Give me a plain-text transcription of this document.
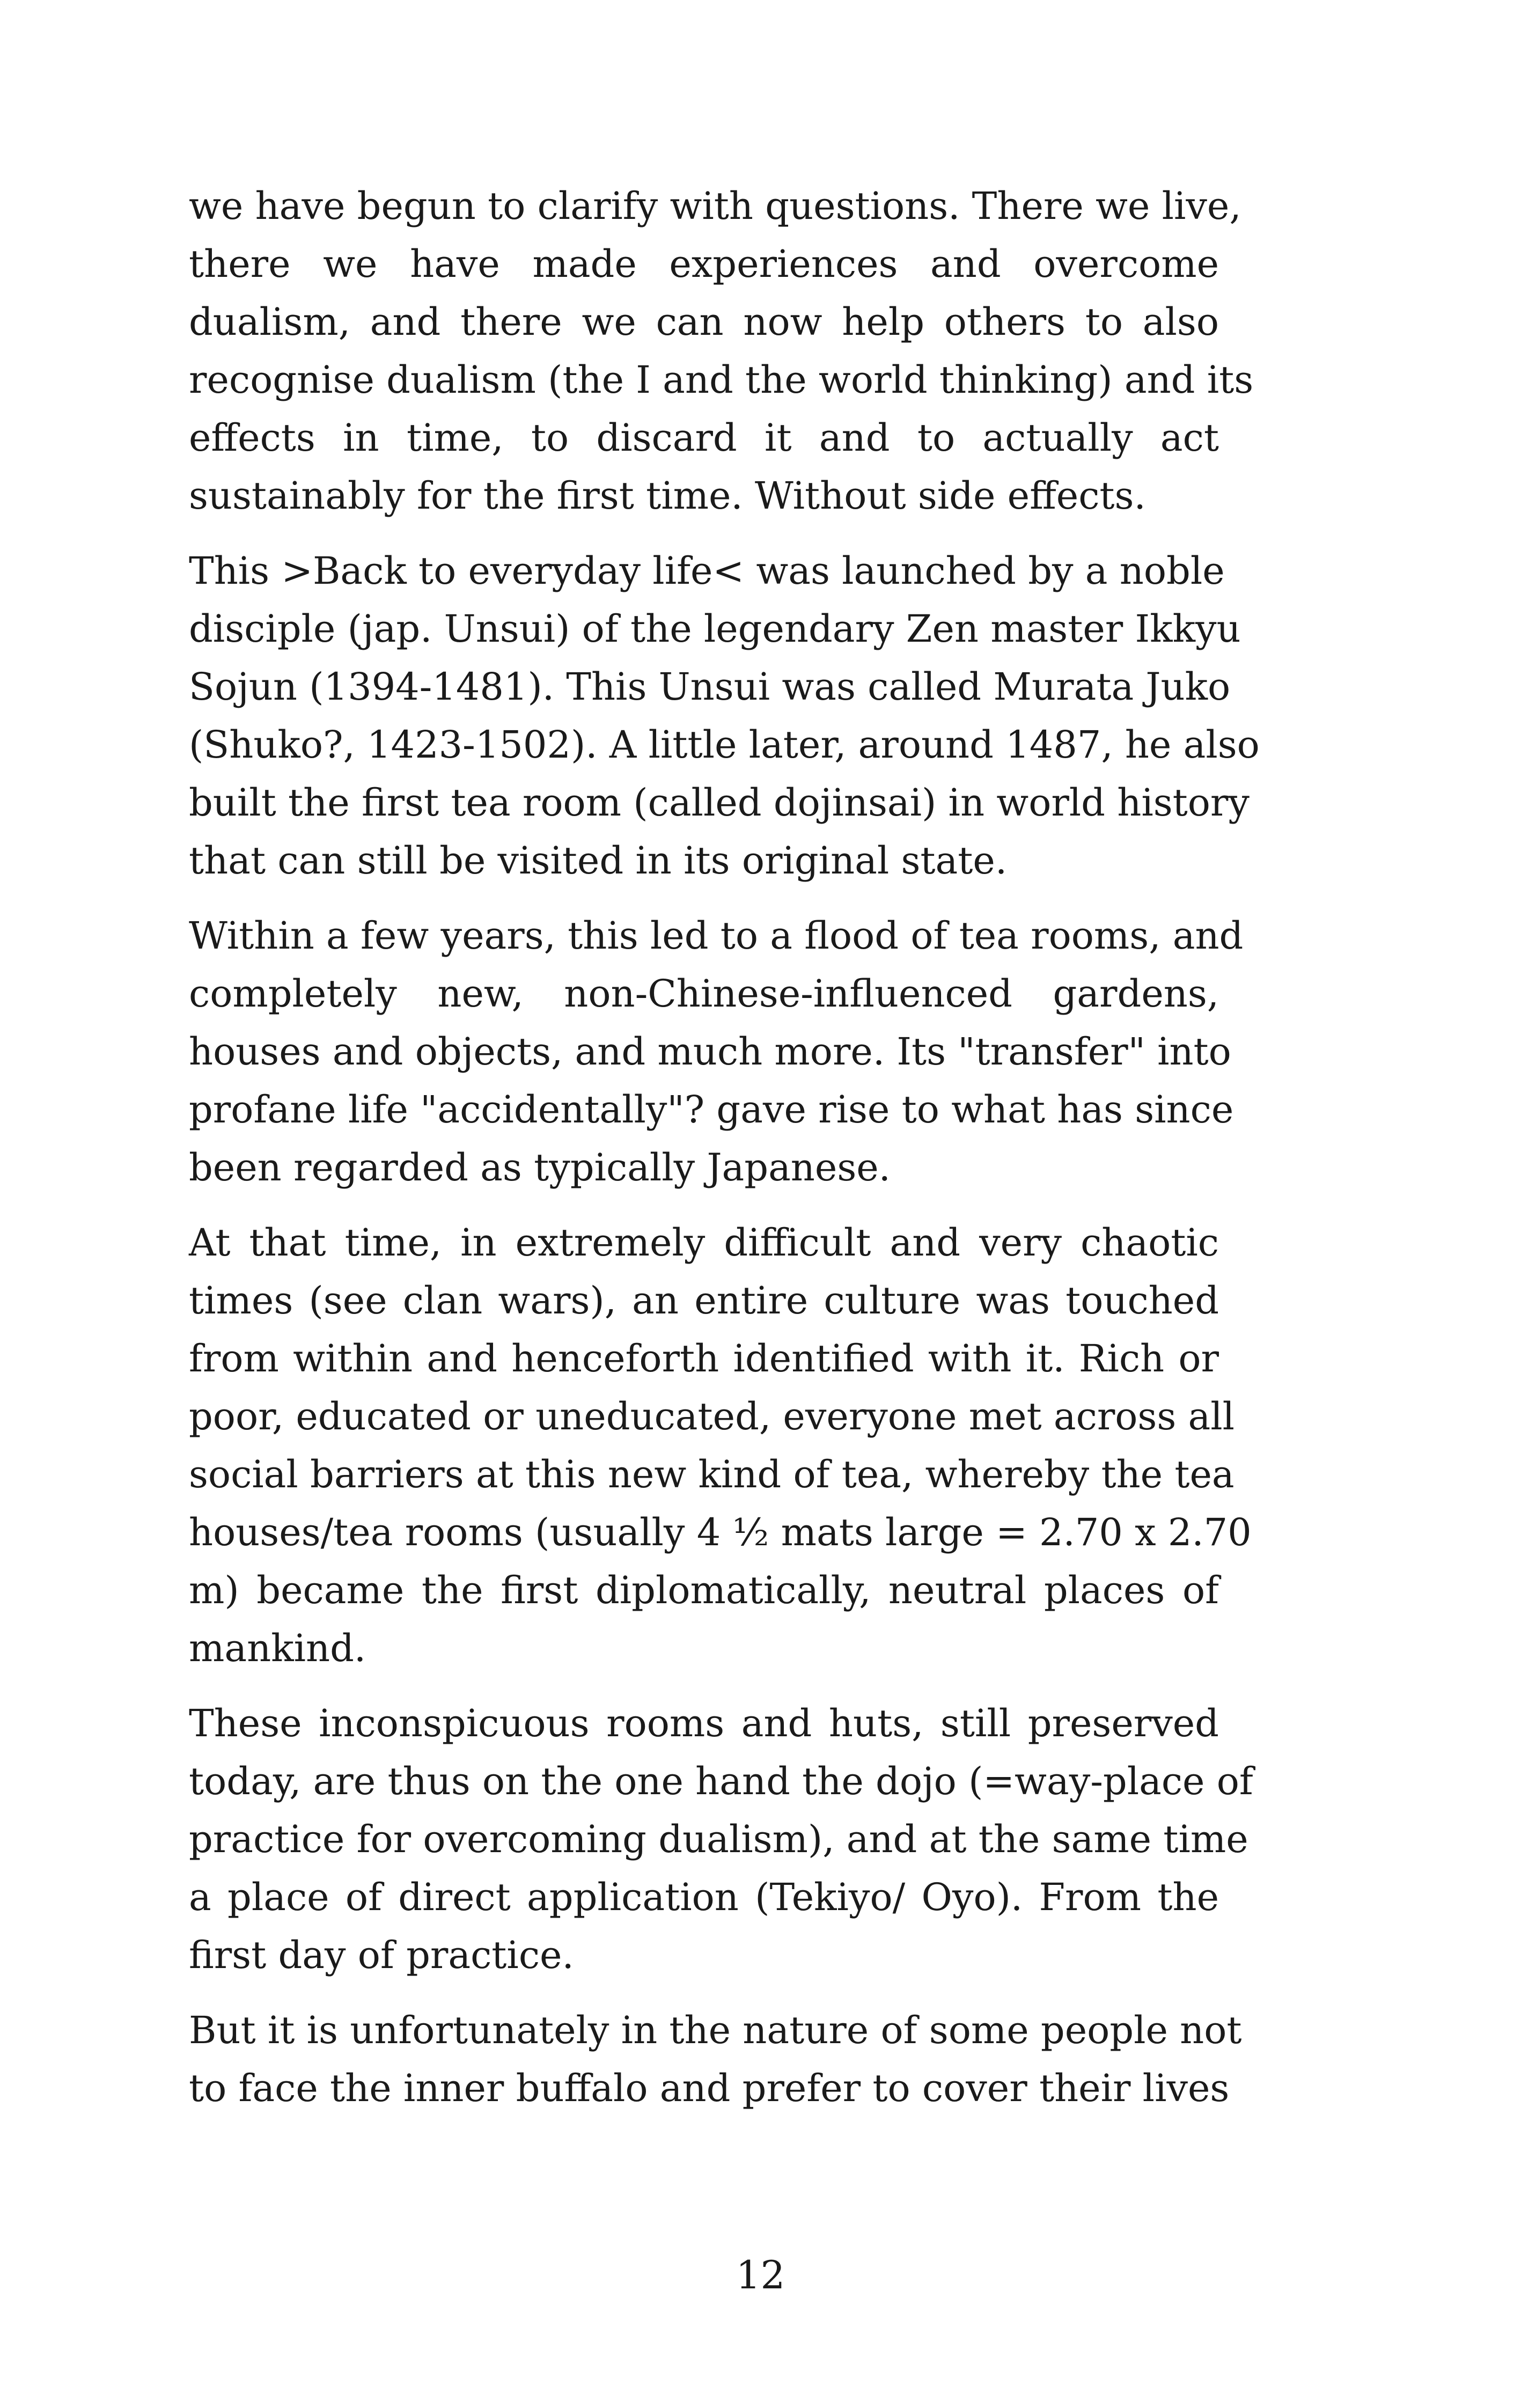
we have begun to clarify with questions. There we live,
there we have made experiences and overcome
dualism, and there we can now help others to also
recognise dualism (the I and the world thinking) and its
effects in time, to discard it and to actually act
sustainably for the first time. Without side effects.
This >Back to everyday life< was launched by a noble
disciple (jap. Unsui) of the legendary Zen master Ikkyu
Sojun (1394-1481). This Unsui was called Murata Juko
(Shuko?, 1423-1502). A little later, around 1487, he also
built the first tea room (called dojinsai) in world history
that can still be visited in its original state.
Within a few years, this led to a flood of tea rooms, and
completely new, non-Chinese-influenced gardens,
houses and objects, and much more. Its "transfer" into
profane life "accidentally"? gave rise to what has since
been regarded as typically Japanese.
At that time, in extremely difficult and very chaotic
times (see clan wars), an entire culture was touched
from within and henceforth identified with it. Rich or
poor, educated or uneducated, everyone met across all
social barriers at this new kind of tea, whereby the tea
houses/tea rooms (usually 4 ½ mats large = 2.70 x 2.70
m) became the first diplomatically, neutral places of
mankind.
These inconspicuous rooms and huts, still preserved
today, are thus on the one hand the dojo (=way-place of
practice for overcoming dualism), and at the same time
a place of direct application (Tekiyo/ Oyo). From the
first day of practice.
But it is unfortunately in the nature of some people not
to face the inner buffalo and prefer to cover their lives
12
